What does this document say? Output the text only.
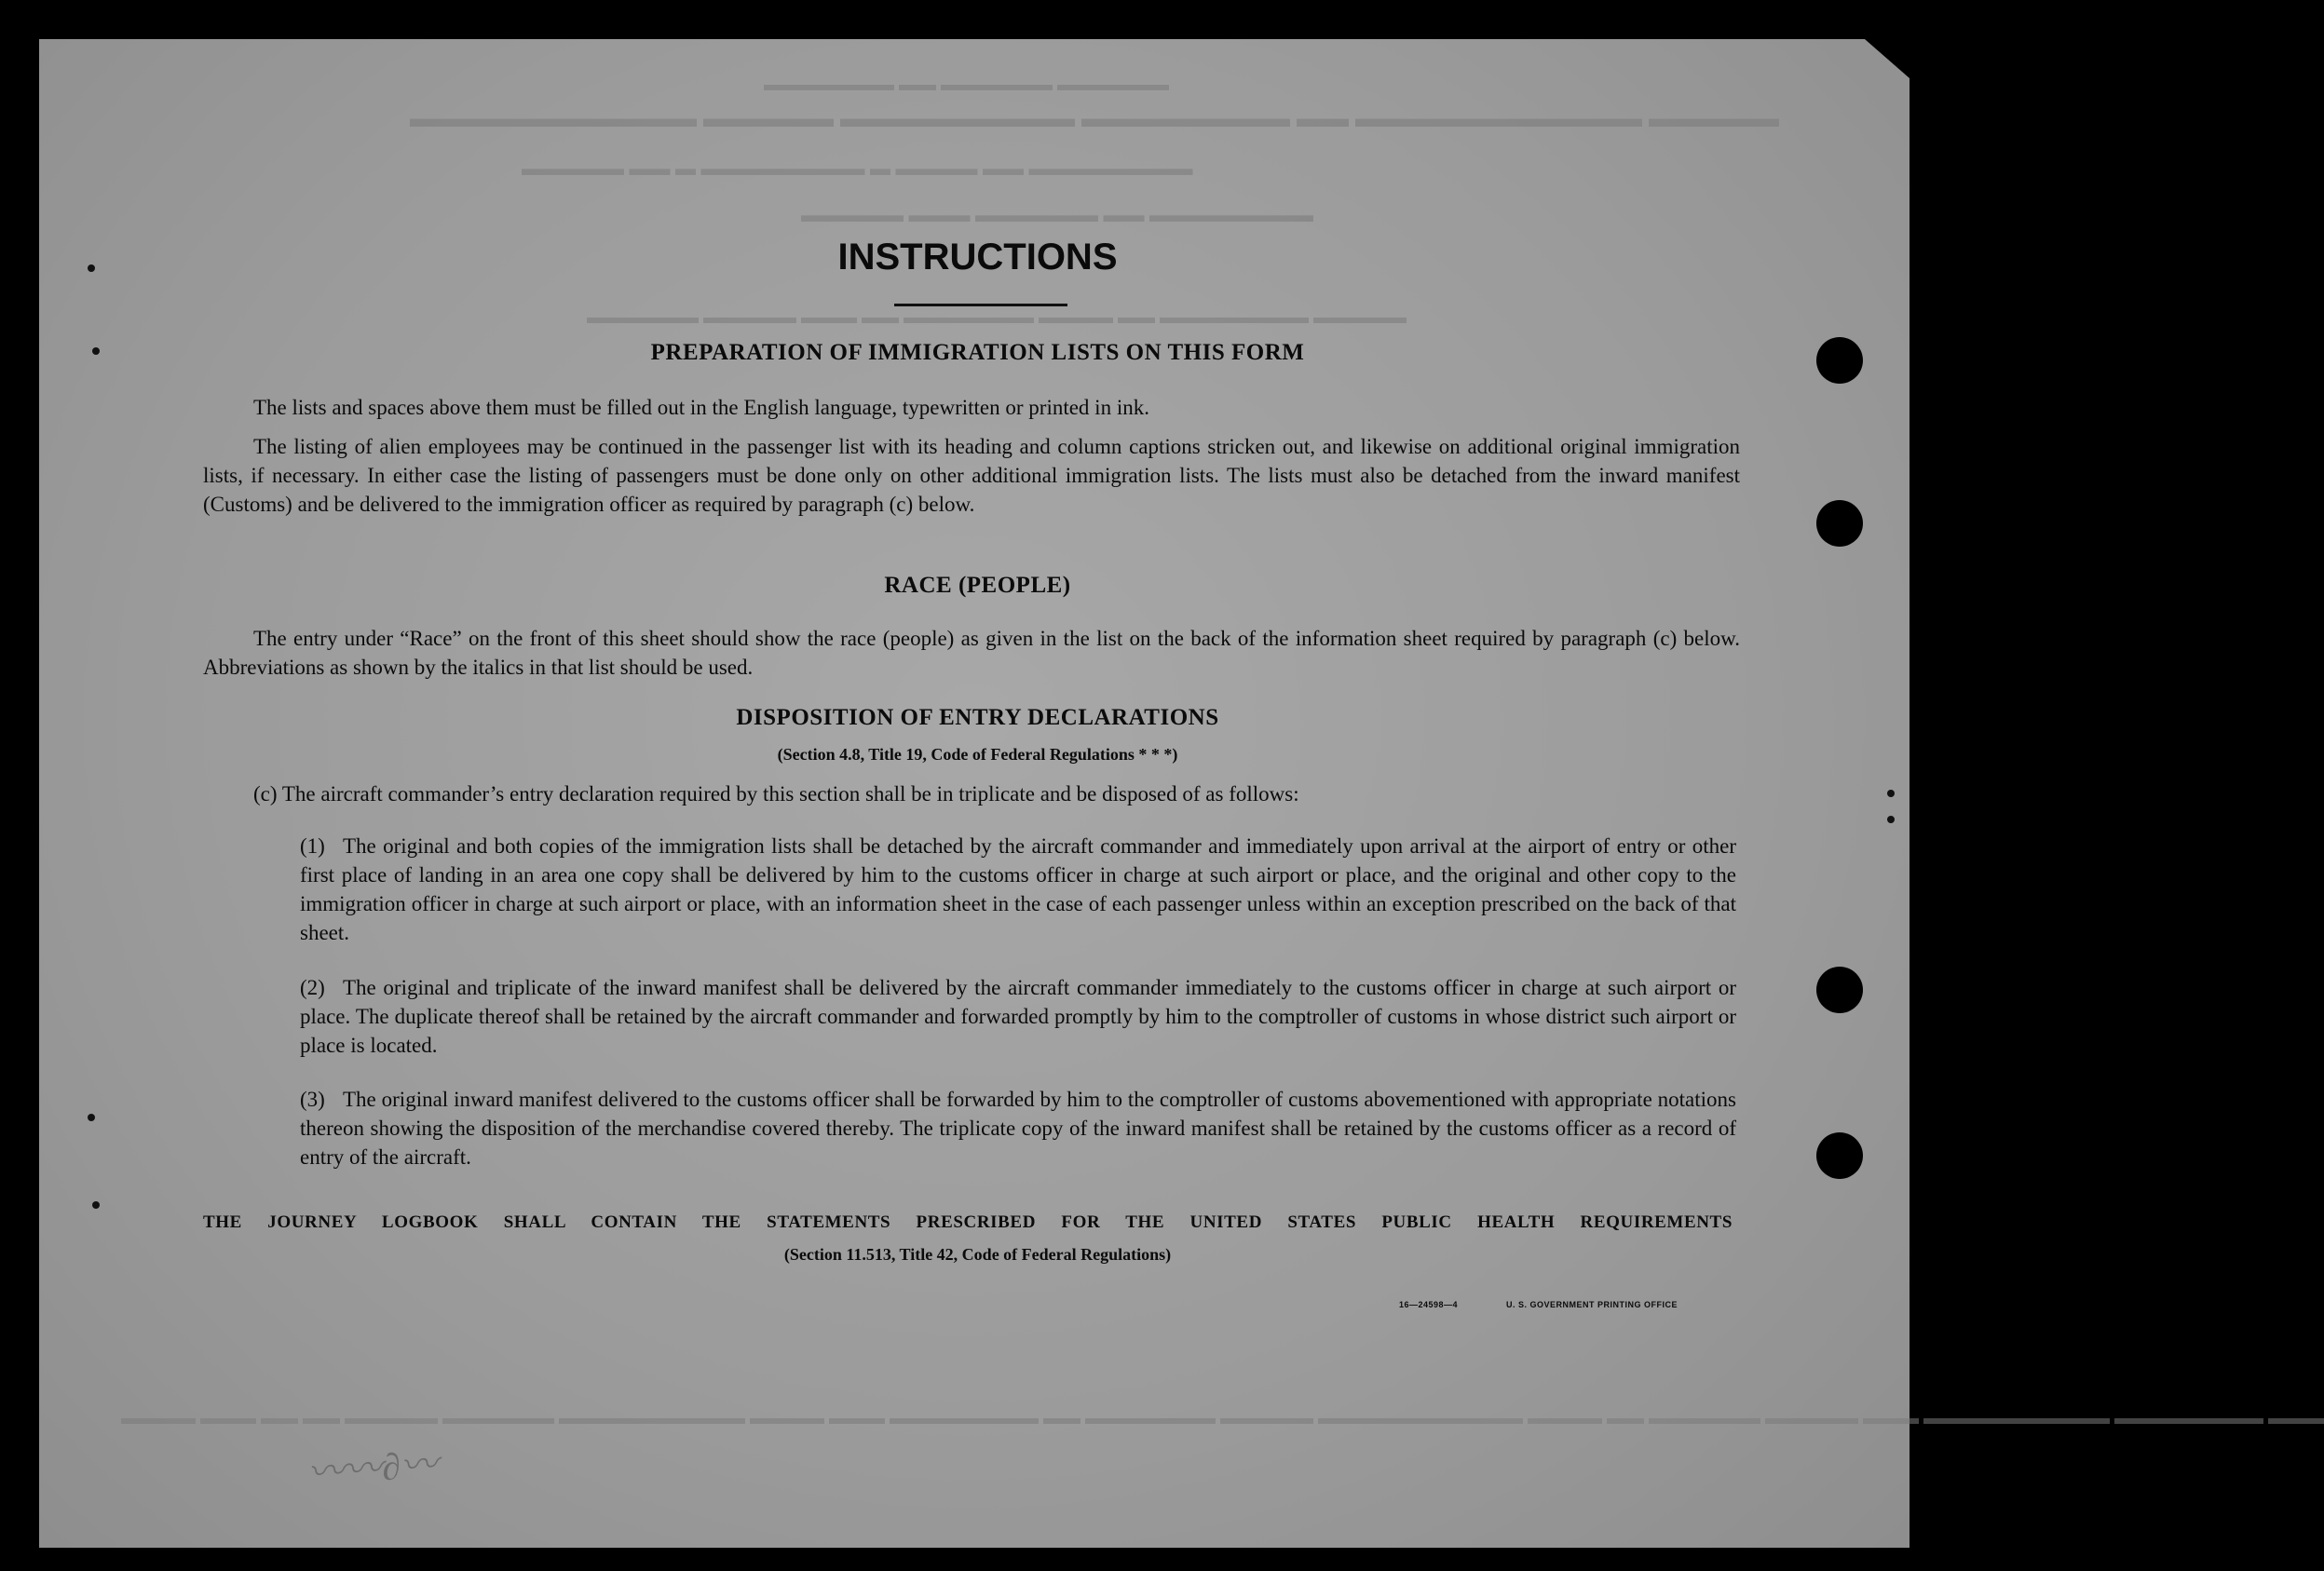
▬▬▬▬▬▬ ▬▬▬▬▬▬ ▬▬ ▬▬▬▬▬▬▬
▬▬▬▬▬ ▬▬▬▬▬▬▬▬▬▬▬ ▬▬ ▬▬▬▬▬▬▬▬ ▬▬▬▬▬▬▬▬▬ ▬▬▬▬▬ ▬▬▬▬▬▬▬▬▬▬▬
▬▬▬▬▬▬▬▬ ▬▬ ▬▬▬▬ ▬ ▬▬▬▬▬▬▬▬ ▬ ▬▬ ▬▬▬▬▬
▬▬▬▬▬▬▬▬ ▬▬ ▬▬▬▬▬▬ ▬▬▬ ▬▬▬▬▬
▬▬▬▬▬ ▬▬▬▬▬▬▬▬ ▬▬ ▬▬▬▬ ▬▬▬▬▬▬▬ ▬▬ ▬▬▬ ▬▬▬▬▬ ▬▬▬▬▬▬
▬▬▬ ▬▬▬▬▬▬▬▬ ▬▬▬▬▬▬▬▬▬▬ ▬▬▬ ▬▬▬▬▬ ▬▬▬▬▬▬ ▬▬ ▬▬▬▬ ▬▬▬▬▬▬▬▬▬▬▬ ▬▬▬▬▬ ▬▬▬▬▬▬▬ ▬▬ ▬▬▬▬▬▬▬▬ ▬▬▬ ▬▬▬▬ ▬▬▬▬▬▬▬▬▬▬ ▬▬▬▬▬▬ ▬▬▬▬▬ ▬▬ ▬▬ ▬▬▬ ▬▬▬▬
INSTRUCTIONS
PREPARATION OF IMMIGRATION LISTS ON THIS FORM

The lists and spaces above them must be filled out in the English language, typewritten or printed in ink.

The listing of alien employees may be continued in the passenger list with its heading and column captions stricken out, and likewise on additional original immigration lists, if necessary. In either case the listing of passengers must be done only on other additional immigration lists. The lists must also be detached from the inward manifest (Customs) and be delivered to the immigration officer as required by paragraph (c) below.

RACE (PEOPLE)

The entry under “Race” on the front of this sheet should show the race (people) as given in the list on the back of the information sheet required by paragraph (c) below. Abbreviations as shown by the italics in that list should be used.

DISPOSITION OF ENTRY DECLARATIONS
(Section 4.8, Title 19, Code of Federal Regulations * * *)

(c) The aircraft commander’s entry declaration required by this section shall be in triplicate and be disposed of as follows:

(1) The original and both copies of the immigration lists shall be detached by the aircraft commander and immediately upon arrival at the airport of entry or other first place of landing in an area one copy shall be delivered by him to the customs officer in charge at such airport or place, and the original and other copy to the immigration officer in charge at such airport or place, with an information sheet in the case of each passenger unless within an exception prescribed on the back of that sheet.
(2) The original and triplicate of the inward manifest shall be delivered by the aircraft commander immediately to the customs officer in charge at such airport or place. The duplicate thereof shall be retained by the aircraft commander and forwarded promptly by him to the comptroller of customs in whose district such airport or place is located.
(3) The original inward manifest delivered to the customs officer shall be forwarded by him to the comptroller of customs abovementioned with appropriate notations thereon showing the disposition of the merchandise covered thereby. The triplicate copy of the inward manifest shall be retained by the customs officer as a record of entry of the aircraft.
THE JOURNEY LOGBOOK SHALL CONTAIN THE STATEMENTS PRESCRIBED FOR THE UNITED STATES PUBLIC HEALTH REQUIREMENTS
(Section 11.513, Title 42, Code of Federal Regulations)
16—24598—4	U. S. GOVERNMENT PRINTING OFFICE
〰〰∂〰
